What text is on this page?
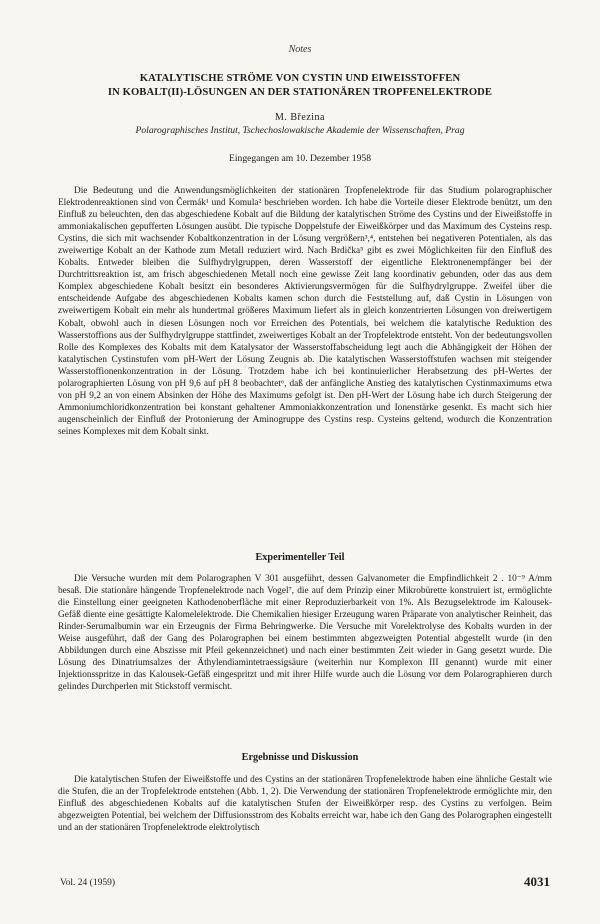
Notes
KATALYTISCHE STRÖME VON CYSTIN UND EIWEISSTOFFEN
IN KOBALT(II)-LÖSUNGEN AN DER STATIONÄREN TROPFENELEKTRODE
M. Březina
Polarographisches Institut, Tschechoslowakische Akademie der Wissenschaften, Prag
Eingegangen am 10. Dezember 1958

Die Bedeutung und die Anwendungsmöglichkeiten der stationären Tropfenelektrode für das Studium polarographischer Elektrodenreaktionen sind von Čermák¹ und Komula² beschrieben worden. Ich habe die Vorteile dieser Elektrode benützt, um den Einfluß zu beleuchten, den das abgeschiedene Kobalt auf die Bildung der katalytischen Ströme des Cystins und der Eiweißstoffe in ammoniakalischen gepufferten Lösungen ausübt. Die typische Doppelstufe der Eiweißkörper und das Maximum des Cysteins resp. Cystins, die sich mit wachsender Kobaltkonzentration in der Lösung vergrößern³,⁴, entstehen bei negativeren Potentialen, als das zweiwertige Kobalt an der Kathode zum Metall reduziert wird. Nach Brdička⁵ gibt es zwei Möglichkeiten für den Einfluß des Kobalts. Entweder bleiben die Sulfhydrylgruppen, deren Wasserstoff der eigentliche Elektronenempfänger bei der Durchtrittsreaktion ist, am frisch abgeschiedenen Metall noch eine gewisse Zeit lang koordinativ gebunden, oder das aus dem Komplex abgeschiedene Kobalt besitzt ein besonderes Aktivierungsvermögen für die Sulfhydrylgruppe. Zweifel über die entscheidende Aufgabe des abgeschiedenen Kobalts kamen schon durch die Feststellung auf, daß Cystin in Lösungen von zweiwertigem Kobalt ein mehr als hundertmal größeres Maximum liefert als in gleich konzentrierten Lösungen von dreiwertigem Kobalt, obwohl auch in diesen Lösungen noch vor Erreichen des Potentials, bei welchem die katalytische Reduktion des Wasserstoffions aus der Sulfhydrylgruppe stattfindet, zweiwertiges Kobalt an der Tropfelektrode entsteht. Von der bedeutungsvollen Rolle des Komplexes des Kobalts mit dem Katalysator der Wasserstoffabscheidung legt auch die Abhängigkeit der Höhen der katalytischen Cystinstufen vom pH-Wert der Lösung Zeugnis ab. Die katalytischen Wasserstoffstufen wachsen mit steigender Wasserstoffionenkonzentration in der Lösung. Trotzdem habe ich bei kontinuierlicher Herabsetzung des pH-Wertes der polarographierten Lösung von pH 9,6 auf pH 8 beobachtet⁶, daß der anfängliche Anstieg des katalytischen Cystinmaximums etwa von pH 9,2 an von einem Absinken der Höhe des Maximums gefolgt ist. Den pH-Wert der Lösung habe ich durch Steigerung der Ammoniumchloridkonzentration bei konstant gehaltener Ammoniakkonzentration und Ionenstärke gesenkt. Es macht sich hier augenscheinlich der Einfluß der Protonierung der Aminogruppe des Cystins resp. Cysteins geltend, wodurch die Konzentration seines Komplexes mit dem Kobalt sinkt.

Experimenteller Teil

Die Versuche wurden mit dem Polarographen V 301 ausgeführt, dessen Galvanometer die Empfindlichkeit 2 . 10⁻⁹ A/mm besaß. Die stationäre hängende Tropfenelektrode nach Vogel⁷, die auf dem Prinzip einer Mikrobürette konstruiert ist, ermöglichte die Einstellung einer geeigneten Kathodenoberfläche mit einer Reproduzierbarkeit von 1%. Als Bezugselektrode im Kalousek-Gefäß diente eine gesättigte Kalomelelektrode. Die Chemikalien hiesiger Erzeugung waren Präparate von analytischer Reinheit, das Rinder-Serumalbumin war ein Erzeugnis der Firma Behringwerke. Die Versuche mit Vorelektrolyse des Kobalts wurden in der Weise ausgeführt, daß der Gang des Polarographen bei einem bestimmten abgezweigten Potential abgestellt wurde (in den Abbildungen durch eine Abszisse mit Pfeil gekennzeichnet) und nach einer bestimmten Zeit wieder in Gang gesetzt wurde. Die Lösung des Dinatriumsalzes der Äthylendiamintetraessigsäure (weiterhin nur Komplexon III genannt) wurde mit einer Injektionsspritze in das Kalousek-Gefäß eingespritzt und mit ihrer Hilfe wurde auch die Lösung vor dem Polarographieren durch gelindes Durchperlen mit Stickstoff vermischt.

Ergebnisse und Diskussion

Die katalytischen Stufen der Eiweißstoffe und des Cystins an der stationären Tropfenelektrode haben eine ähnliche Gestalt wie die Stufen, die an der Tropfelektrode entstehen (Abb. 1, 2). Die Verwendung der stationären Tropfenelektrode ermöglichte mir, den Einfluß des abgeschiedenen Kobalts auf die katalytischen Stufen der Eiweißkörper resp. des Cystins zu verfolgen. Beim abgezweigten Potential, bei welchem der Diffusionsstrom des Kobalts erreicht war, habe ich den Gang des Polarographen eingestellt und an der stationären Tropfenelektrode elektrolytisch

Vol. 24 (1959)	4031
